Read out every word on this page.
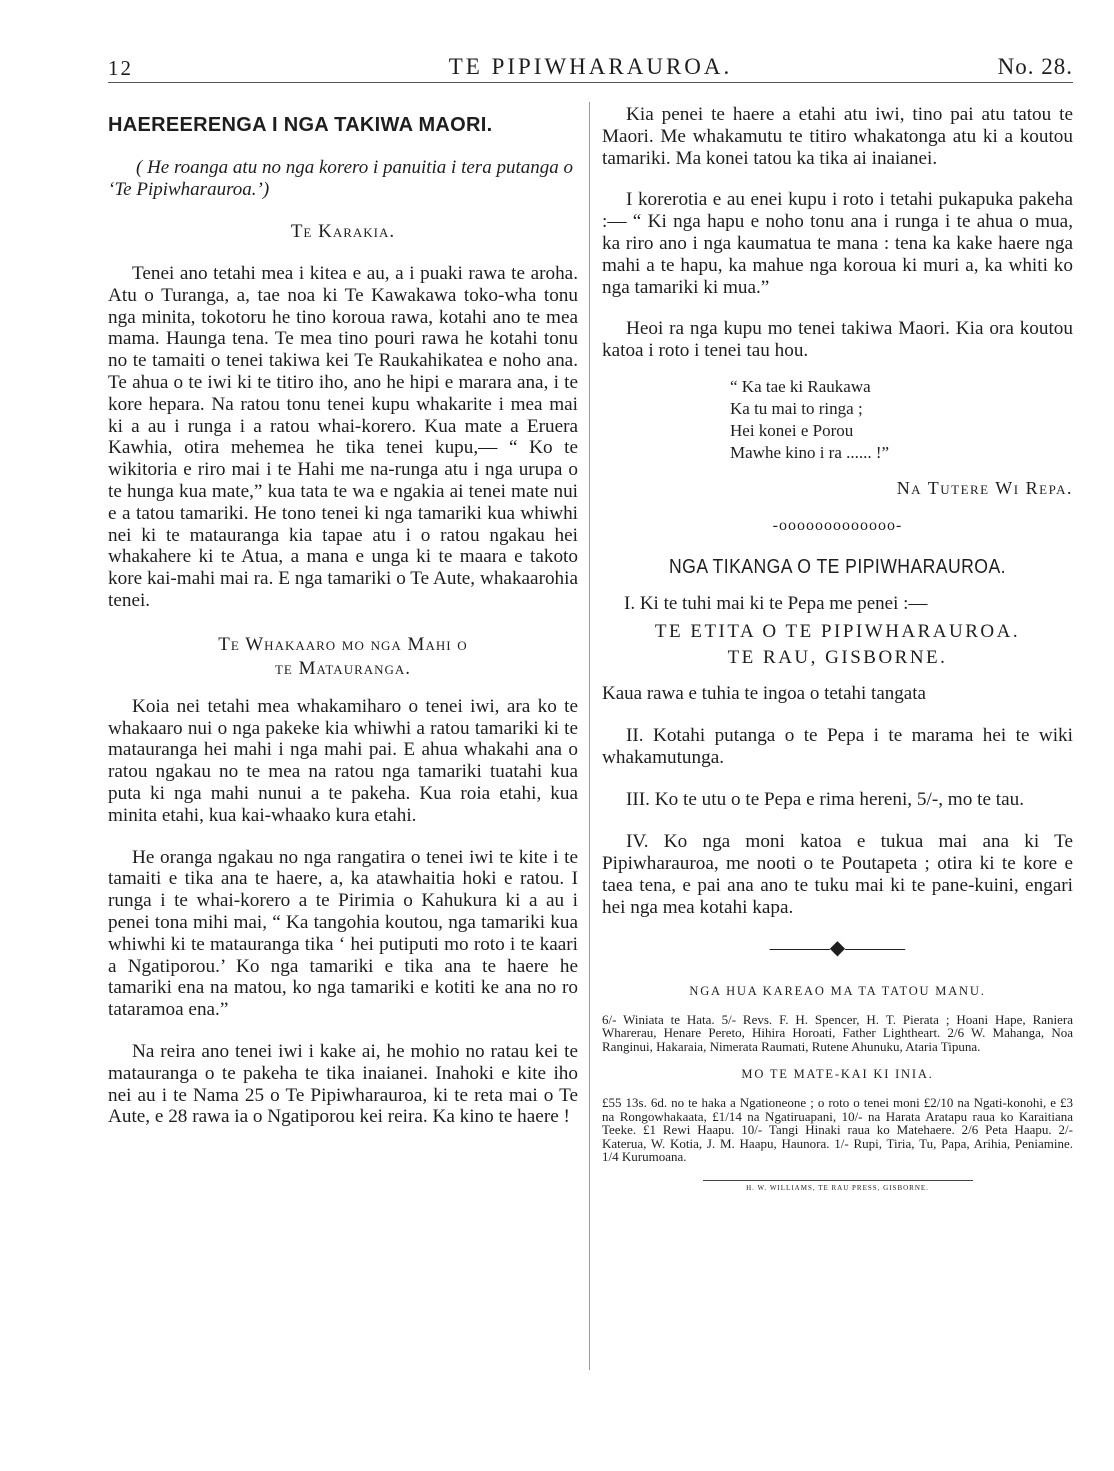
12	TE PIPIWHARAUROA.	No. 28.
HAEREERENGA I NGA TAKIWA MAORI.

( He roanga atu no nga korero i panuitia i tera putanga o ‘Te Pipiwharauroa.’)

Te Karakia.

Tenei ano tetahi mea i kitea e au, a i puaki rawa te aroha. Atu o Turanga, a, tae noa ki Te Kawakawa toko-wha tonu nga minita, tokotoru he tino koroua rawa, kotahi ano te mea mama. Haunga tena. Te mea tino pouri rawa he kotahi tonu no te tamaiti o tenei takiwa kei Te Raukahikatea e noho ana. Te ahua o te iwi ki te titiro iho, ano he hipi e marara ana, i te kore hepara. Na ratou tonu tenei kupu whakarite i mea mai ki a au i runga i a ratou whai-korero. Kua mate a Eruera Kawhia, otira mehemea he tika tenei kupu,— “ Ko te wikitoria e riro mai i te Hahi me na-runga atu i nga urupa o te hunga kua mate,” kua tata te wa e ngakia ai tenei mate nui e a tatou tamariki. He tono tenei ki nga tamariki kua whiwhi nei ki te matauranga kia tapae atu i o ratou ngakau hei whakahere ki te Atua, a mana e unga ki te maara e takoto kore kai-mahi mai ra. E nga tamariki o Te Aute, whakaarohia tenei.

Te Whakaaro mo nga Mahi o
te Matauranga.

Koia nei tetahi mea whakamiharo o tenei iwi, ara ko te whakaaro nui o nga pakeke kia whiwhi a ratou tamariki ki te matauranga hei mahi i nga mahi pai. E ahua whakahi ana o ratou ngakau no te mea na ratou nga tamariki tuatahi kua puta ki nga mahi nunui a te pakeha. Kua roia etahi, kua minita etahi, kua kai-whaako kura etahi.

He oranga ngakau no nga rangatira o tenei iwi te kite i te tamaiti e tika ana te haere, a, ka atawhaitia hoki e ratou. I runga i te whai-korero a te Pirimia o Kahukura ki a au i penei tona mihi mai, “ Ka tangohia koutou, nga tamariki kua whiwhi ki te matauranga tika ‘ hei putiputi mo roto i te kaari a Ngatiporou.’ Ko nga tamariki e tika ana te haere he tamariki ena na matou, ko nga tamariki e kotiti ke ana no ro tataramoa ena.”

Na reira ano tenei iwi i kake ai, he mohio no ratau kei te matauranga o te pakeha te tika inaianei. Inahoki e kite iho nei au i te Nama 25 o Te Pipiwharauroa, ki te reta mai o Te Aute, e 28 rawa ia o Ngatiporou kei reira. Ka kino te haere !

Kia penei te haere a etahi atu iwi, tino pai atu tatou te Maori. Me whakamutu te titiro whakatonga atu ki a koutou tamariki. Ma konei tatou ka tika ai inaianei.

I korerotia e au enei kupu i roto i tetahi pukapuka pakeha :— “ Ki nga hapu e noho tonu ana i runga i te ahua o mua, ka riro ano i nga kaumatua te mana : tena ka kake haere nga mahi a te hapu, ka mahue nga koroua ki muri a, ka whiti ko nga tamariki ki mua.”

Heoi ra nga kupu mo tenei takiwa Maori. Kia ora koutou katoa i roto i tenei tau hou.

“ Ka tae ki Raukawa
Ka tu mai to ringa ;
Hei konei e Porou
Mawhe kino i ra ...... !”
Na Tutere Wi Repa.
-ooooooooooooo-
NGA TIKANGA O TE PIPIWHARAUROA.

I. Ki te tuhi mai ki te Pepa me penei :—

TE ETITA O TE PIPIWHARAUROA.
TE RAU, GISBORNE.

Kaua rawa e tuhia te ingoa o tetahi tangata

II. Kotahi putanga o te Pepa i te marama hei te wiki whakamutunga.

III. Ko te utu o te Pepa e rima hereni, 5/-, mo te tau.

IV. Ko nga moni katoa e tukua mai ana ki Te Pipiwharauroa, me nooti o te Poutapeta ; otira ki te kore e taea tena, e pai ana ano te tuku mai ki te pane-kuini, engari hei nga mea kotahi kapa.

———◆———
NGA HUA KAREAO MA TA TATOU MANU.

6/- Winiata te Hata. 5/- Revs. F. H. Spencer, H. T. Pierata ; Hoani Hape, Raniera Wharerau, Henare Pereto, Hihira Horoati, Father Lightheart. 2/6 W. Mahanga, Noa Ranginui, Hakaraia, Nimerata Raumati, Rutene Ahunuku, Ataria Tipuna.

MO TE MATE-KAI KI INIA.

£55 13s. 6d. no te haka a Ngationeone ; o roto o tenei moni £2/10 na Ngati-konohi, e £3 na Rongowhakaata, £1/14 na Ngatiruapani, 10/- na Harata Aratapu raua ko Karaitiana Teeke. £1 Rewi Haapu. 10/- Tangi Hinaki raua ko Matehaere. 2/6 Peta Haapu. 2/- Katerua, W. Kotia, J. M. Haapu, Haunora. 1/- Rupi, Tiria, Tu, Papa, Arihia, Peniamine. 1/4 Kurumoana.

H. W. WILLIAMS, TE RAU PRESS, GISBORNE.
